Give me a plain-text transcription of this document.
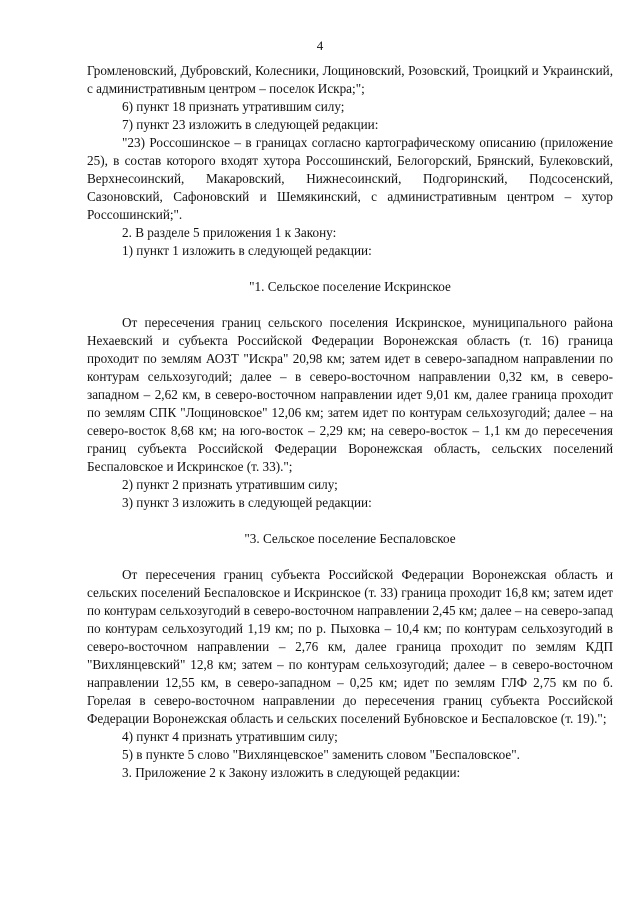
4

Громленовский, Дубровский, Колесники, Лощиновский, Розовский, Троицкий и Украинский, с административным центром – поселок Искра;";

6) пункт 18 признать утратившим силу;

7) пункт 23 изложить в следующей редакции:

"23) Россошинское – в границах согласно картографическому описанию (приложение 25), в состав которого входят хутора Россошинский, Белогорский, Брянский, Булековский, Верхнесоинский, Макаровский, Нижнесоинский, Подгоринский, Подсосенский, Сазоновский, Сафоновский и Шемякинский, с административным центром – хутор Россошинский;".

2. В разделе 5 приложения 1 к Закону:

1) пункт 1 изложить в следующей редакции:

"1. Сельское поселение Искринское

От пересечения границ сельского поселения Искринское, муниципального района Нехаевский и субъекта Российской Федерации Воронежская область (т. 16) граница проходит по землям АОЗТ "Искра" 20,98 км; затем идет в северо-западном направлении по контурам сельхозугодий; далее – в северо-восточном направлении 0,32 км, в северо-западном – 2,62 км, в северо-восточном направлении идет 9,01 км, далее граница проходит по землям СПК "Лощиновское" 12,06 км; затем идет по контурам сельхозугодий; далее – на северо-восток 8,68 км; на юго-восток – 2,29 км; на северо-восток – 1,1 км до пересечения границ субъекта Российской Федерации Воронежская область, сельских поселений Беспаловское и Искринское (т. 33).";

2) пункт 2 признать утратившим силу;

3) пункт 3 изложить в следующей редакции:

"3. Сельское поселение Беспаловское

От пересечения границ субъекта Российской Федерации Воронежская область и сельских поселений Беспаловское и Искринское (т. 33) граница проходит 16,8 км; затем идет по контурам сельхозугодий в северо-восточном направлении 2,45 км; далее – на северо-запад по контурам сельхозугодий 1,19 км; по р. Пыховка – 10,4 км; по контурам сельхозугодий в северо-восточном направлении – 2,76 км, далее граница проходит по землям КДП "Вихлянцевский" 12,8 км; затем – по контурам сельхозугодий; далее – в северо-восточном направлении 12,55 км, в северо-западном – 0,25 км; идет по землям ГЛФ 2,75 км по б. Горелая в северо-восточном направлении до пересечения границ субъекта Российской Федерации Воронежская область и сельских поселений Бубновское и Беспаловское (т. 19).";

4) пункт 4 признать утратившим силу;

5) в пункте 5 слово "Вихлянцевское" заменить словом "Беспаловское".

3. Приложение 2 к Закону изложить в следующей редакции:
